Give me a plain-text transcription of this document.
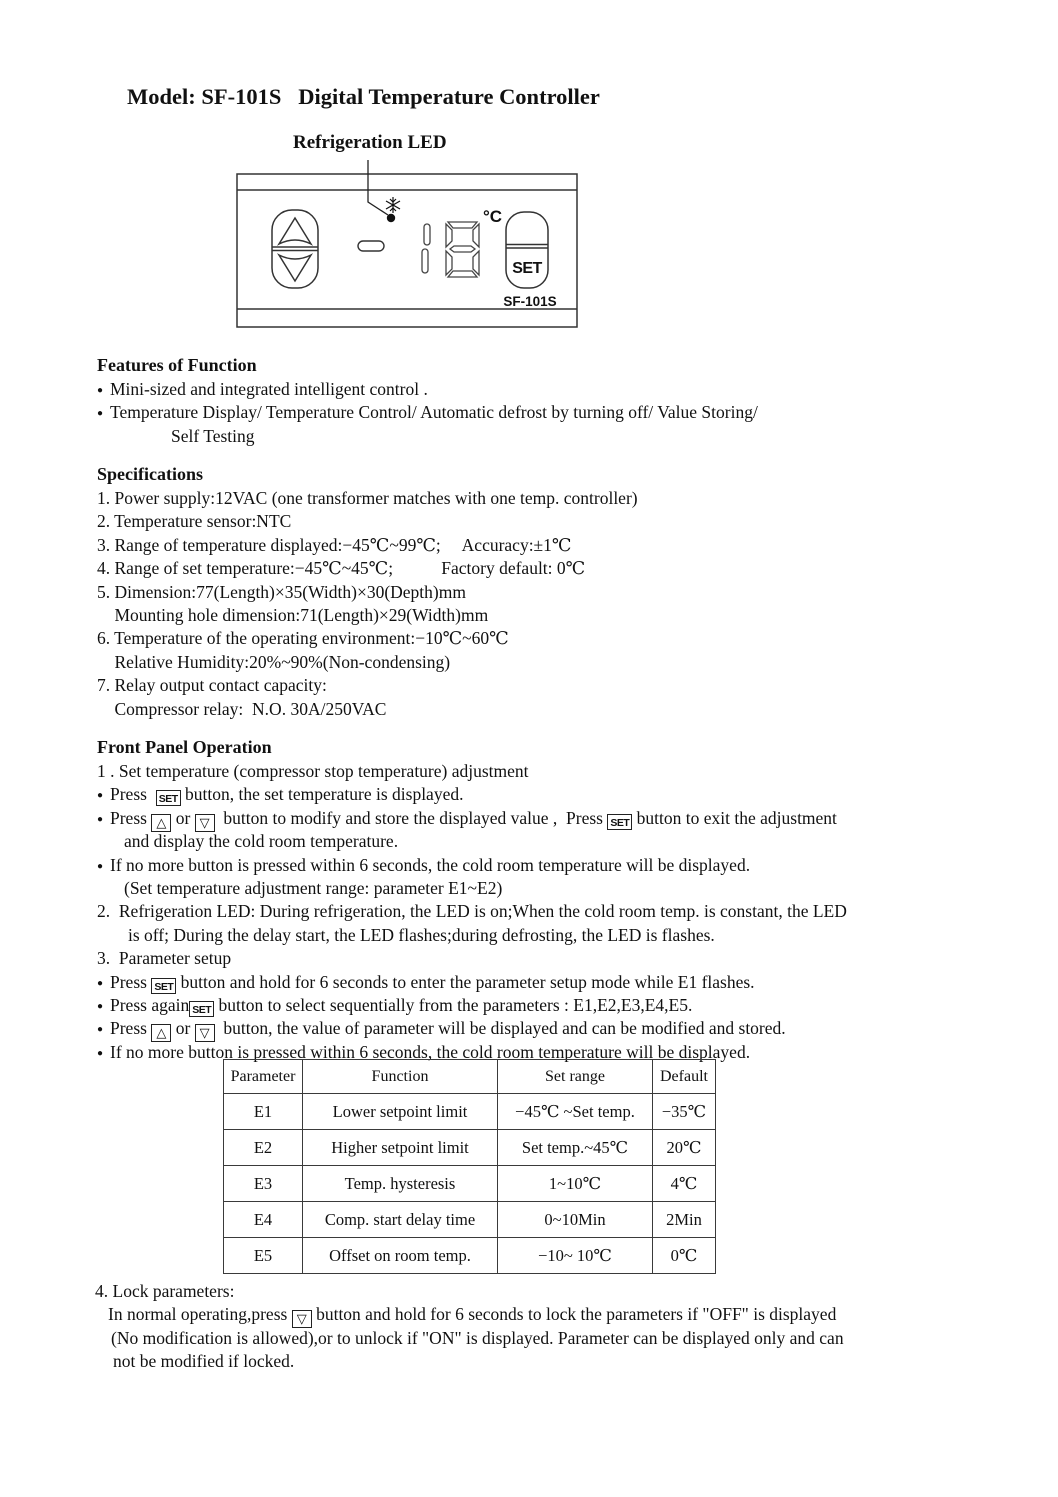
Model: SF-101S   Digital Temperature Controller
Refrigeration LED
°C
SET
SF-101S
Features of Function
● Mini-sized and integrated intelligent control .
● Temperature Display/ Temperature Control/ Automatic defrost by turning off/ Value Storing/
Self Testing
Specifications
1. Power supply:12VAC (one transformer matches with one temp. controller)
2. Temperature sensor:NTC
3. Range of temperature displayed:−45℃~99℃;     Accuracy:±1℃
4. Range of set temperature:−45℃~45℃;           Factory default: 0℃
5. Dimension:77(Length)×35(Width)×30(Depth)mm
Mounting hole dimension:71(Length)×29(Width)mm
6. Temperature of the operating environment:−10℃~60℃
Relative Humidity:20%~90%(Non-condensing)
7. Relay output contact capacity:
Compressor relay:  N.O. 30A/250VAC
Front Panel Operation
1 . Set temperature (compressor stop temperature) adjustment
● Press  SET button, the set temperature is displayed.
● Press △ or ▽  button to modify and store the displayed value ,  Press SET button to exit the adjustment
and display the cold room temperature.
● If no more button is pressed within 6 seconds, the cold room temperature will be displayed.
(Set temperature adjustment range: parameter E1~E2)
2.  Refrigeration LED: During refrigeration, the LED is on;When the cold room temp. is constant, the LED
is off; During the delay start, the LED flashes;during defrosting, the LED is flashes.
3.  Parameter setup
● Press SET button and hold for 6 seconds to enter the parameter setup mode while E1 flashes.
● Press again SET button to select sequentially from the parameters : E1,E2,E3,E4,E5.
● Press △ or ▽  button, the value of parameter will be displayed and can be modified and stored.
● If no more button is pressed within 6 seconds, the cold room temperature will be displayed.
Parameter	Function	Set range	Default
E1	Lower setpoint limit	−45℃ ~Set temp.	−35℃
E2	Higher setpoint limit	Set temp.~45℃	20℃
E3	Temp. hysteresis	1~10℃	4℃
E4	Comp. start delay time	0~10Min	2Min
E5	Offset on room temp.	−10~ 10℃	0℃
4. Lock parameters:
In normal operating,press ▽ button and hold for 6 seconds to lock the parameters if "OFF" is displayed
(No modification is allowed),or to unlock if "ON" is displayed. Parameter can be displayed only and can
not be modified if locked.
